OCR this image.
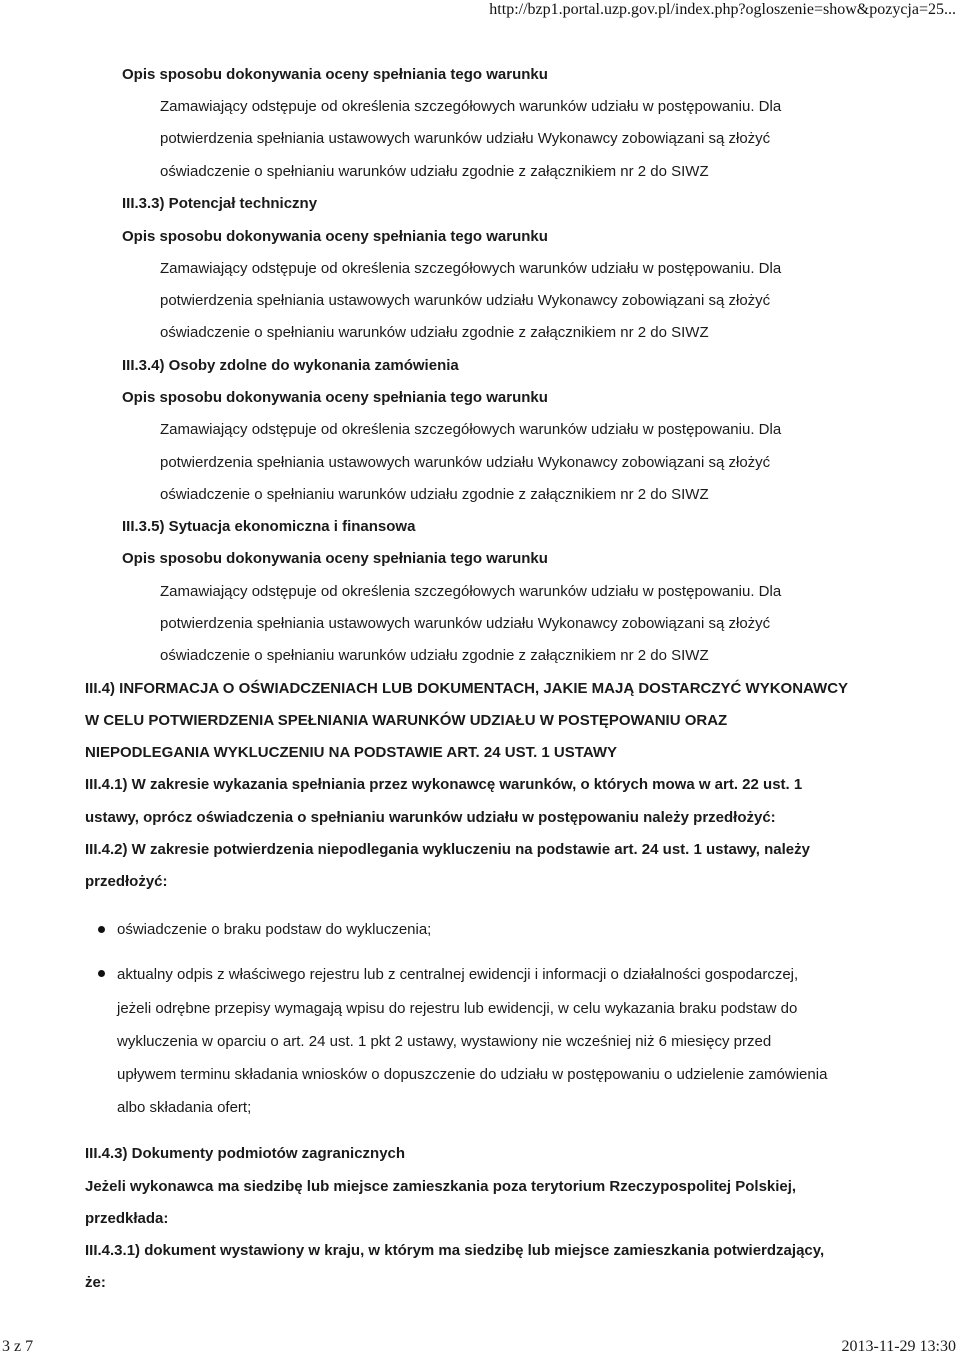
http://bzp1.portal.uzp.gov.pl/index.php?ogloszenie=show&pozycja=25...
Opis sposobu dokonywania oceny spełniania tego warunku
Zamawiający odstępuje od określenia szczegółowych warunków udziału w postępowaniu. Dla
potwierdzenia spełniania ustawowych warunków udziału Wykonawcy zobowiązani są złożyć
oświadczenie o spełnianiu warunków udziału zgodnie z załącznikiem nr 2 do SIWZ
III.3.3) Potencjał techniczny
Opis sposobu dokonywania oceny spełniania tego warunku
Zamawiający odstępuje od określenia szczegółowych warunków udziału w postępowaniu. Dla
potwierdzenia spełniania ustawowych warunków udziału Wykonawcy zobowiązani są złożyć
oświadczenie o spełnianiu warunków udziału zgodnie z załącznikiem nr 2 do SIWZ
III.3.4) Osoby zdolne do wykonania zamówienia
Opis sposobu dokonywania oceny spełniania tego warunku
Zamawiający odstępuje od określenia szczegółowych warunków udziału w postępowaniu. Dla
potwierdzenia spełniania ustawowych warunków udziału Wykonawcy zobowiązani są złożyć
oświadczenie o spełnianiu warunków udziału zgodnie z załącznikiem nr 2 do SIWZ
III.3.5) Sytuacja ekonomiczna i finansowa
Opis sposobu dokonywania oceny spełniania tego warunku
Zamawiający odstępuje od określenia szczegółowych warunków udziału w postępowaniu. Dla
potwierdzenia spełniania ustawowych warunków udziału Wykonawcy zobowiązani są złożyć
oświadczenie o spełnianiu warunków udziału zgodnie z załącznikiem nr 2 do SIWZ
III.4) INFORMACJA O OŚWIADCZENIACH LUB DOKUMENTACH, JAKIE MAJĄ DOSTARCZYĆ WYKONAWCY
W CELU POTWIERDZENIA SPEŁNIANIA WARUNKÓW UDZIAŁU W POSTĘPOWANIU ORAZ
NIEPODLEGANIA WYKLUCZENIU NA PODSTAWIE ART. 24 UST. 1 USTAWY
III.4.1) W zakresie wykazania spełniania przez wykonawcę warunków, o których mowa w art. 22 ust. 1
ustawy, oprócz oświadczenia o spełnianiu warunków udziału w postępowaniu należy przedłożyć:
III.4.2) W zakresie potwierdzenia niepodlegania wykluczeniu na podstawie art. 24 ust. 1 ustawy, należy
przedłożyć:
oświadczenie o braku podstaw do wykluczenia;
aktualny odpis z właściwego rejestru lub z centralnej ewidencji i informacji o działalności gospodarczej,
jeżeli odrębne przepisy wymagają wpisu do rejestru lub ewidencji, w celu wykazania braku podstaw do
wykluczenia w oparciu o art. 24 ust. 1 pkt 2 ustawy, wystawiony nie wcześniej niż 6 miesięcy przed
upływem terminu składania wniosków o dopuszczenie do udziału w postępowaniu o udzielenie zamówienia
albo składania ofert;
III.4.3) Dokumenty podmiotów zagranicznych
Jeżeli wykonawca ma siedzibę lub miejsce zamieszkania poza terytorium Rzeczypospolitej Polskiej,
przedkłada:
III.4.3.1) dokument wystawiony w kraju, w którym ma siedzibę lub miejsce zamieszkania potwierdzający,
że:
3 z 7	2013-11-29 13:30
